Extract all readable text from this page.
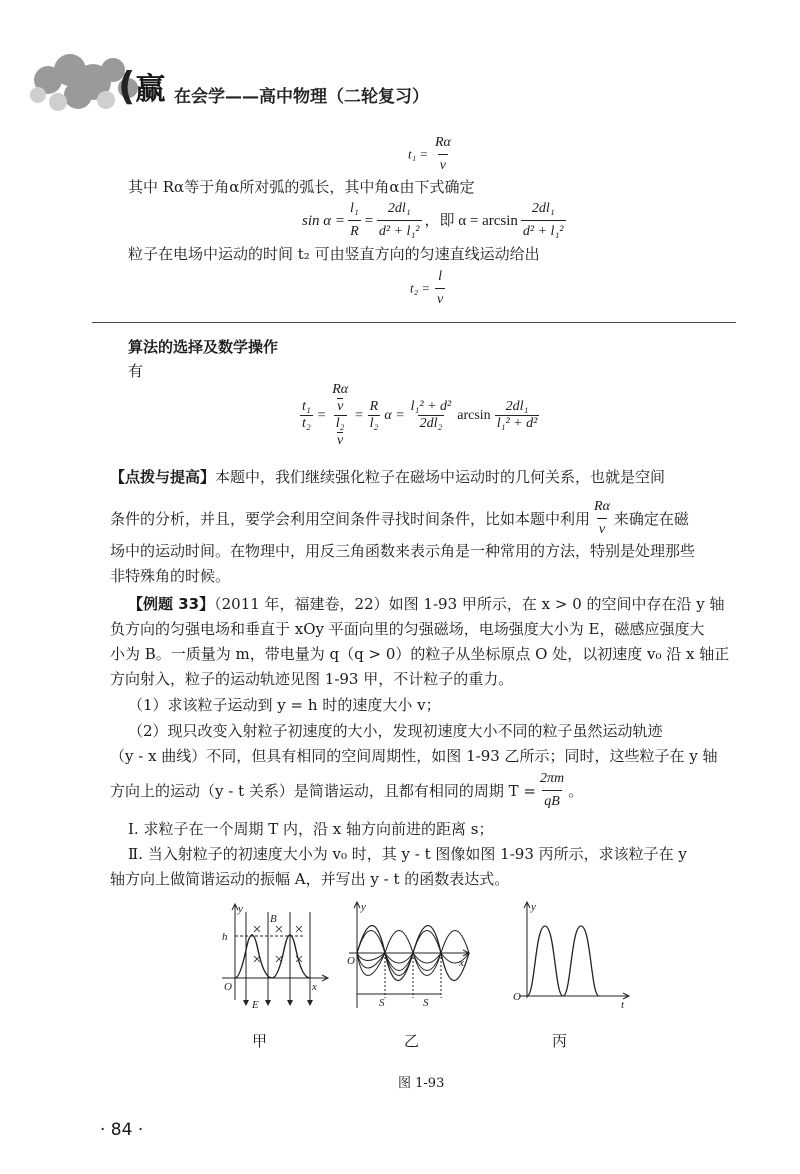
(赢 在会学——高中物理（二轮复习）
$t_1 = \frac{R\alpha}{v}$
其中 Rα等于角α所对弧的弧长，其中角α由下式确定
$\sin \alpha = \frac{\text{l₁}}{R} = \frac{\text{2dl₁}}{\text{d² + l₁²}}$ ，即 $\alpha = \arcsin \frac{\text{2dl₁}}{\text{d² + l₁²}}$
粒子在电场中运动的时间 t₂ 可由竖直方向的匀速直线运动给出
$t_2 = \frac{l}{v}$
算法的选择及数学操作
有
$\frac{\text{t₁}}{\text{t₂}} = R\alpha$
v
l₂
$v = \frac{R}{\text{l₂}}$ $\alpha = \frac{\text{l₁² + d²}}{\text{2dl₂}}$ $\arcsin \frac{\text{2dl₁}}{\text{l₁² + d²}}$
【点拨与提高】本题中，我们继续强化粒子在磁场中运动时的几何关系，也就是空间
条件的分析，并且，要学会利用空间条件寻找时间条件，比如本题中利用 $\frac{R\alpha}{v}$ 来确定在磁
场中的运动时间。在物理中，用反三角函数来表示角是一种常用的方法，特别是处理那些
非特殊角的时候。
【例题 33】（2011 年，福建卷，22）如图 1-93 甲所示，在 x > 0 的空间中存在沿 y 轴
负方向的匀强电场和垂直于 xOy 平面向里的匀强磁场，电场强度大小为 E，磁感应强度大
小为 B。一质量为 m，带电量为 q（q > 0）的粒子从坐标原点 O 处，以初速度 v₀ 沿 x 轴正
方向射入，粒子的运动轨迹见图 1-93 甲，不计粒子的重力。
（1）求该粒子运动到 y = h 时的速度大小 v；
（2）现只改变入射粒子初速度的大小，发现初速度大小不同的粒子虽然运动轨迹
（y - x 曲线）不同，但具有相同的空间周期性，如图 1-93 乙所示；同时，这些粒子在 y 轴
方向上的运动（y - t 关系）是简谐运动，且都有相同的周期 $T = \frac{2\pi m}{qB}$ 。
Ⅰ. 求粒子在一个周期 T 内，沿 x 轴方向前进的距离 s；
Ⅱ. 当入射粒子的初速度大小为 v₀ 时，其 y - t 图像如图 1-93 丙所示，求该粒子在 y
轴方向上做简谐运动的振幅 A，并写出 y - t 的函数表达式。
y
h
B
O	x
E
甲
y
O	x
S	S
乙
y
O
t
丙
图 1-93
· 84 ·
